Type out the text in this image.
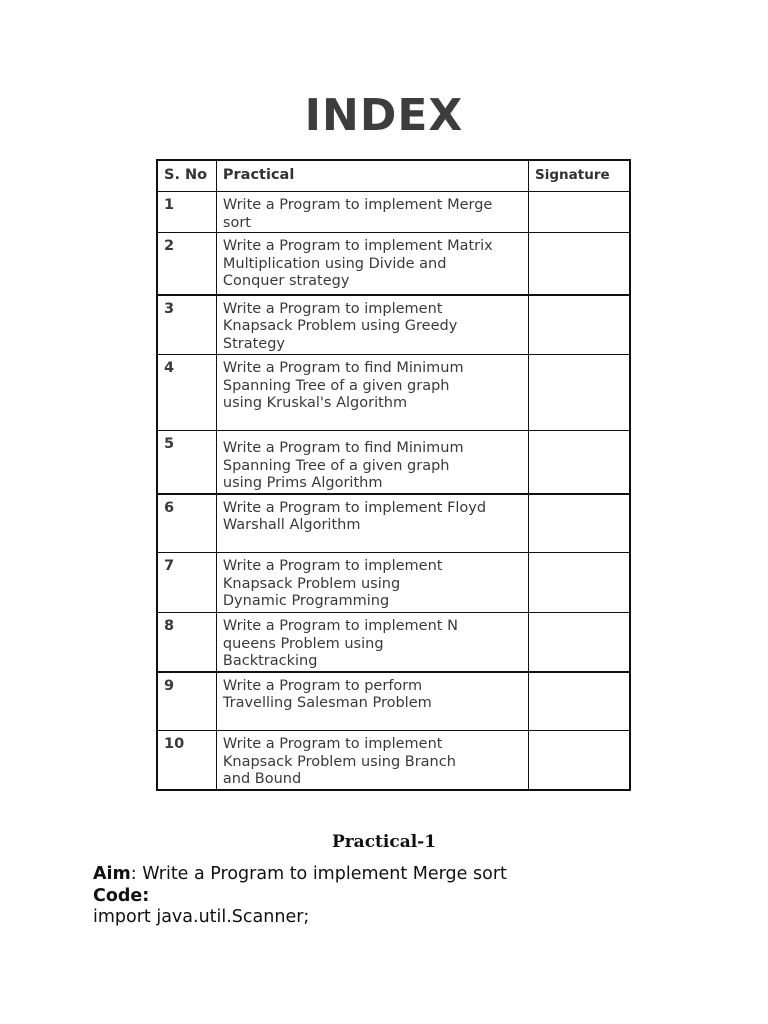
INDEX
S. No	Practical	Signature
1	Write a Program to implement Merge
sort	
2	Write a Program to implement Matrix
Multiplication using Divide and
Conquer strategy	
3	Write a Program to implement
Knapsack Problem using Greedy
Strategy	
4	Write a Program to find Minimum
Spanning Tree of a given graph
using Kruskal's Algorithm	
5	Write a Program to find Minimum
Spanning Tree of a given graph
using Prims Algorithm	
6	Write a Program to implement Floyd
Warshall Algorithm	
7	Write a Program to implement
Knapsack Problem using
Dynamic Programming	
8	Write a Program to implement N
queens Problem using
Backtracking	
9	Write a Program to perform
Travelling Salesman Problem	
10	Write a Program to implement
Knapsack Problem using Branch
and Bound	
Practical-1
Aim: Write a Program to implement Merge sort
Code:
import java.util.Scanner;
